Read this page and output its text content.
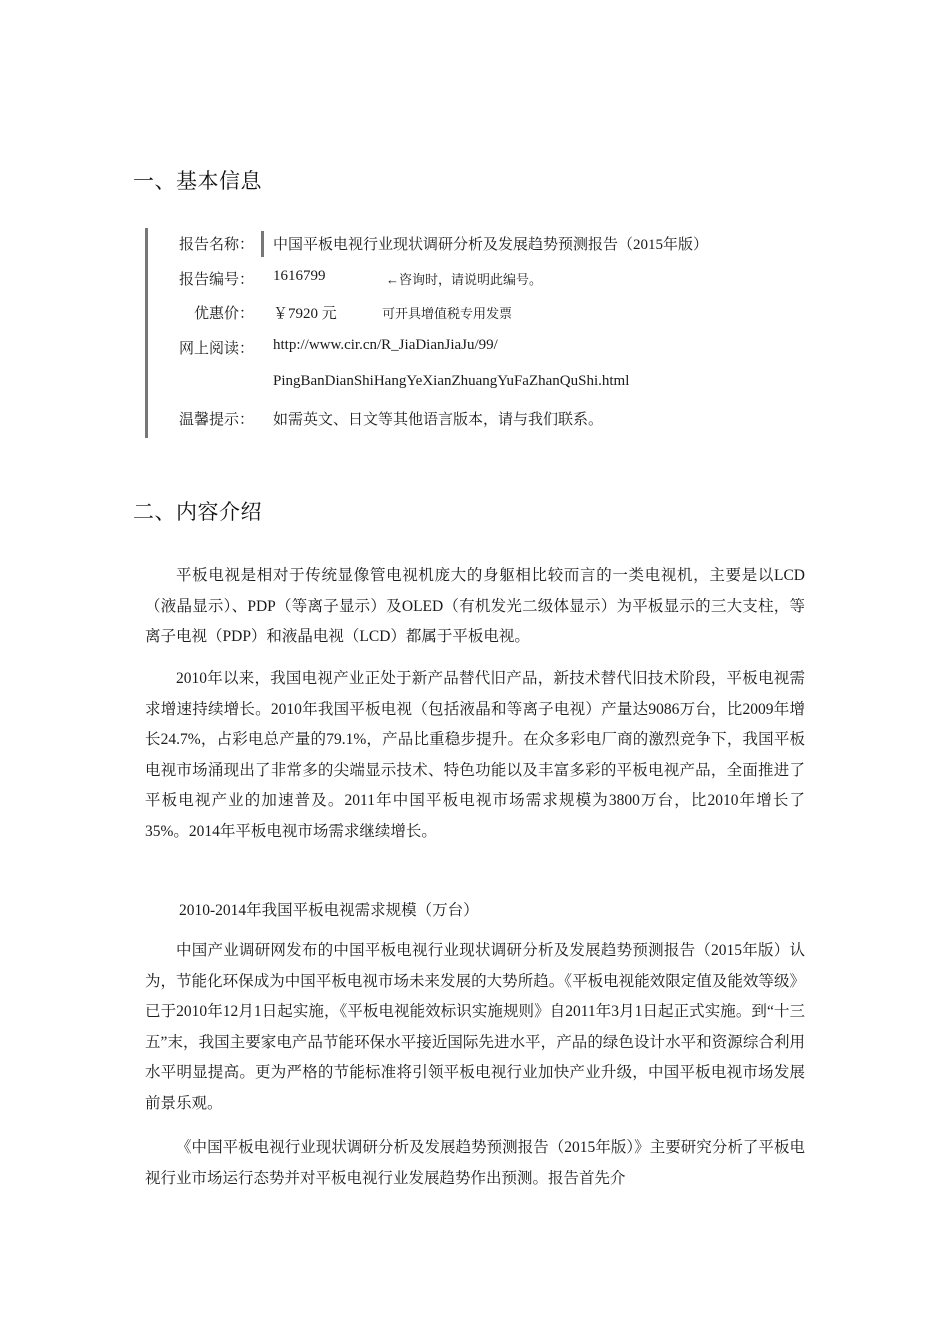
一、基本信息
报告名称： 中国平板电视行业现状调研分析及发展趋势预测报告（2015年版）
报告编号： 1616799	←咨询时，请说明此编号。
优惠价： ￥7920 元	可开具增值税专用发票
网上阅读： http://www.cir.cn/R_JiaDianJiaJu/99/
PingBanDianShiHangYeXianZhuangYuFaZhanQuShi.html
温馨提示： 如需英文、日文等其他语言版本，请与我们联系。
二、内容介绍

平板电视是相对于传统显像管电视机庞大的身躯相比较而言的一类电视机，主要是以LCD（液晶显示）、PDP（等离子显示）及OLED（有机发光二级体显示）为平板显示的三大支柱，等离子电视（PDP）和液晶电视（LCD）都属于平板电视。

2010年以来，我国电视产业正处于新产品替代旧产品，新技术替代旧技术阶段，平板电视需求增速持续增长。2010年我国平板电视（包括液晶和等离子电视）产量达9086万台，比2009年增长24.7%，占彩电总产量的79.1%，产品比重稳步提升。在众多彩电厂商的激烈竞争下，我国平板电视市场涌现出了非常多的尖端显示技术、特色功能以及丰富多彩的平板电视产品，全面推进了平板电视产业的加速普及。2011年中国平板电视市场需求规模为3800万台，比2010年增长了35%。2014年平板电视市场需求继续增长。

2010-2014年我国平板电视需求规模（万台）

中国产业调研网发布的中国平板电视行业现状调研分析及发展趋势预测报告（2015年版）认为，节能化环保成为中国平板电视市场未来发展的大势所趋。《平板电视能效限定值及能效等级》已于2010年12月1日起实施，《平板电视能效标识实施规则》自2011年3月1日起正式实施。到“十三五”末，我国主要家电产品节能环保水平接近国际先进水平，产品的绿色设计水平和资源综合利用水平明显提高。更为严格的节能标准将引领平板电视行业加快产业升级，中国平板电视市场发展前景乐观。

《中国平板电视行业现状调研分析及发展趋势预测报告（2015年版）》主要研究分析了平板电视行业市场运行态势并对平板电视行业发展趋势作出预测。报告首先介
